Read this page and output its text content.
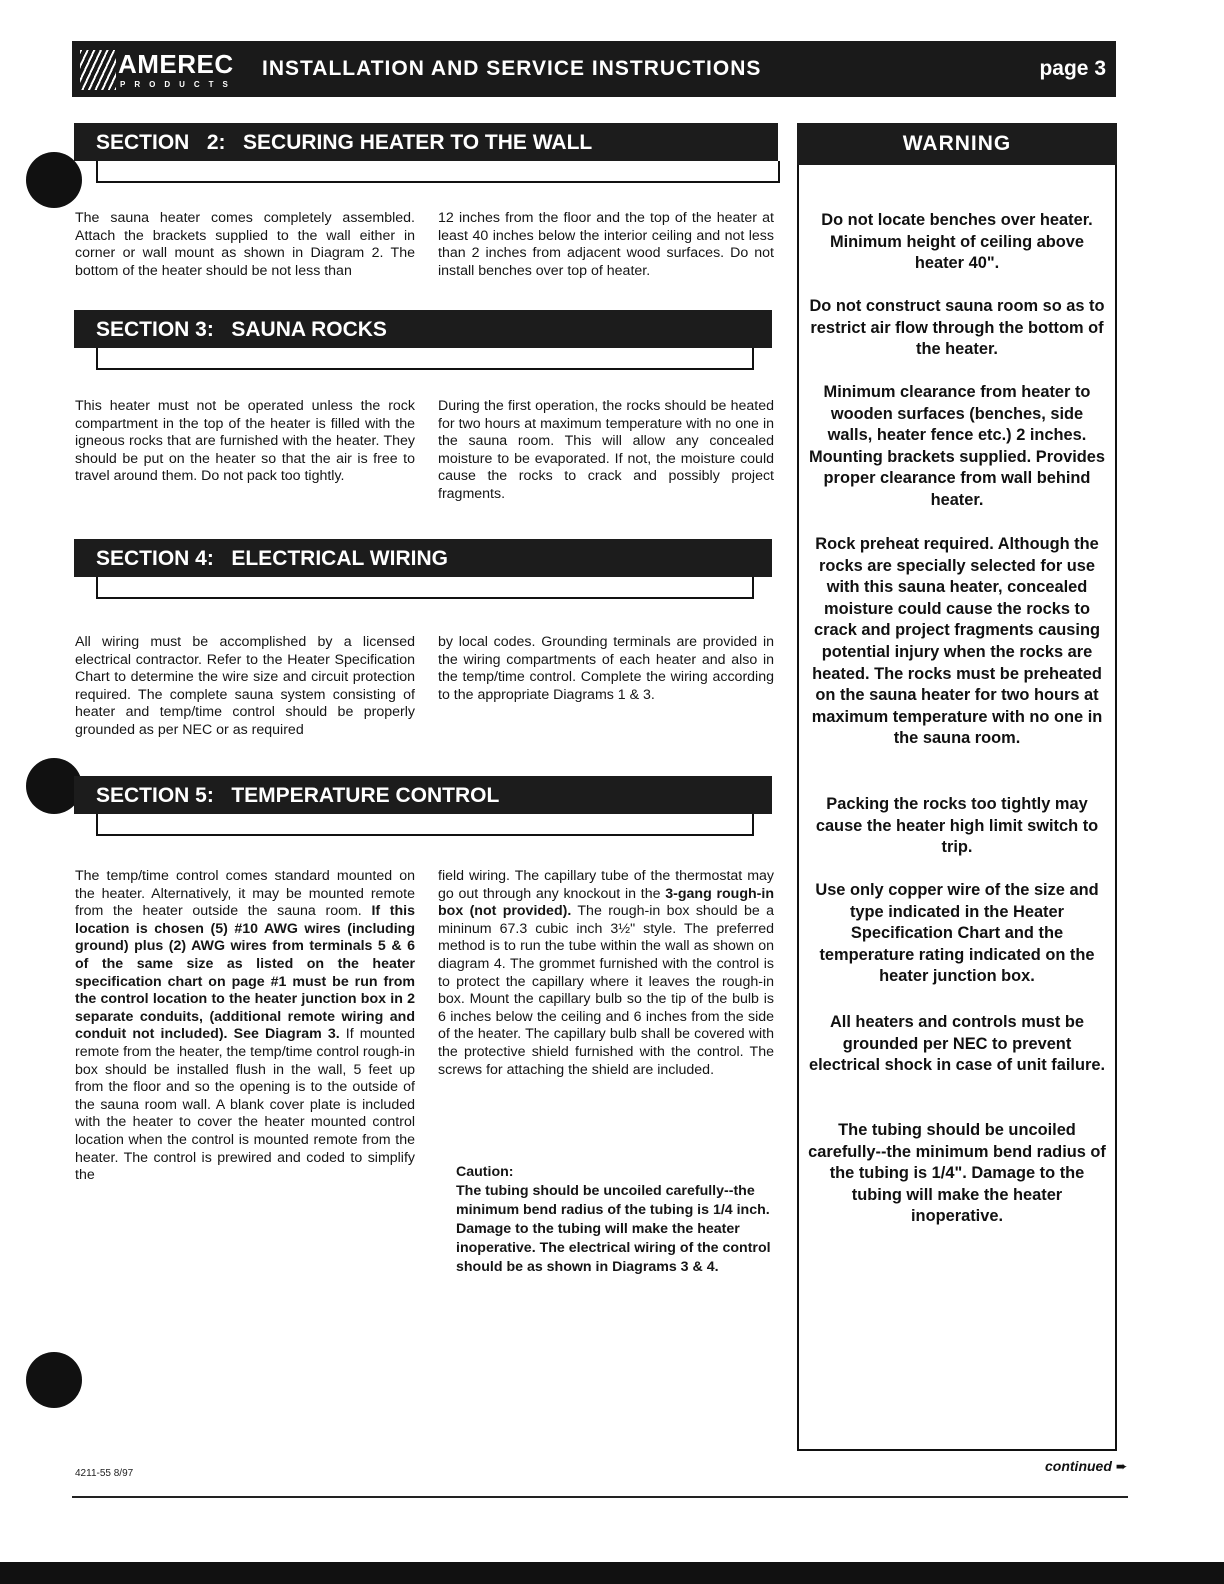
AMEREC
PRODUCTS
INSTALLATION AND SERVICE INSTRUCTIONS	page 3
SECTION   2:   SECURING HEATER TO THE WALL
The sauna heater comes completely assembled. Attach the brackets supplied to the wall either in corner or wall mount as shown in Diagram 2. The bottom of the heater should be not less than
12 inches from the floor and the top of the heater at least 40 inches below the interior ceiling and not less than 2 inches from adjacent wood surfaces. Do not install benches over top of heater.
SECTION 3:   SAUNA ROCKS
This heater must not be operated unless the rock compartment in the top of the heater is filled with the igneous rocks that are furnished with the heater. They should be put on the heater so that the air is free to travel around them. Do not pack too tightly.
During the first operation, the rocks should be heated for two hours at maximum temperature with no one in the sauna room. This will allow any concealed moisture to be evaporated. If not, the moisture could cause the rocks to crack and possibly project fragments.
SECTION 4:   ELECTRICAL WIRING
All wiring must be accomplished by a licensed electrical contractor. Refer to the Heater Specification Chart to determine the wire size and circuit protection required. The complete sauna system consisting of heater and temp/time control should be properly grounded as per NEC or as required
by local codes. Grounding terminals are provided in the wiring compartments of each heater and also in the temp/time control. Complete the wiring according to the appropriate Diagrams 1 & 3.
SECTION 5:   TEMPERATURE CONTROL
The temp/time control comes standard mounted on the heater. Alternatively, it may be mounted remote from the heater outside the sauna room. If this location is chosen (5) #10 AWG wires (including ground) plus (2) AWG wires from terminals 5 & 6 of the same size as listed on the heater specification chart on page #1 must be run from the control location to the heater junction box in 2 separate conduits, (additional remote wiring and conduit not included). See Diagram 3. If mounted remote from the heater, the temp/time control rough-in box should be installed flush in the wall, 5 feet up from the floor and so the opening is to the outside of the sauna room wall. A blank cover plate is included with the heater to cover the heater mounted control location when the control is mounted remote from the heater. The control is prewired and coded to simplify the
field wiring. The capillary tube of the thermostat may go out through any knockout in the 3-gang rough-in box (not provided). The rough-in box should be a mininum 67.3 cubic inch 3½" style. The preferred method is to run the tube within the wall as shown on diagram 4. The grommet furnished with the control is to protect the capillary where it leaves the rough-in box. Mount the capillary bulb so the tip of the bulb is 6 inches below the ceiling and 6 inches from the side of the heater. The capillary bulb shall be covered with the protective shield furnished with the control. The screws for attaching the shield are included.
Caution:
The tubing should be uncoiled carefully--the minimum bend radius of the tubing is 1/4 inch. Damage to the tubing will make the heater inoperative. The electrical wiring of the control should be as shown in Diagrams 3 & 4.
WARNING
Do not locate benches over heater. Minimum height of ceiling above heater 40".
Do not construct sauna room so as to restrict air flow through the bottom of the heater.
Minimum clearance from heater to wooden surfaces (benches, side walls, heater fence etc.) 2 inches. Mounting brackets supplied. Provides proper clearance from wall behind heater.
Rock preheat required. Although the rocks are specially selected for use with this sauna heater, concealed moisture could cause the rocks to crack and project fragments causing potential injury when the rocks are heated. The rocks must be preheated on the sauna heater for two hours at maximum temperature with no one in the sauna room.
Packing the rocks too tightly may cause the heater high limit switch to trip.
Use only copper wire of the size and type indicated in the Heater Specification Chart and the temperature rating indicated on the heater junction box.
All heaters and controls must be grounded per NEC to prevent electrical shock in case of unit failure.
The tubing should be uncoiled carefully--the minimum bend radius of the tubing is 1/4". Damage to the tubing will make the heater inoperative.
4211-55 8/97	continued ➨
